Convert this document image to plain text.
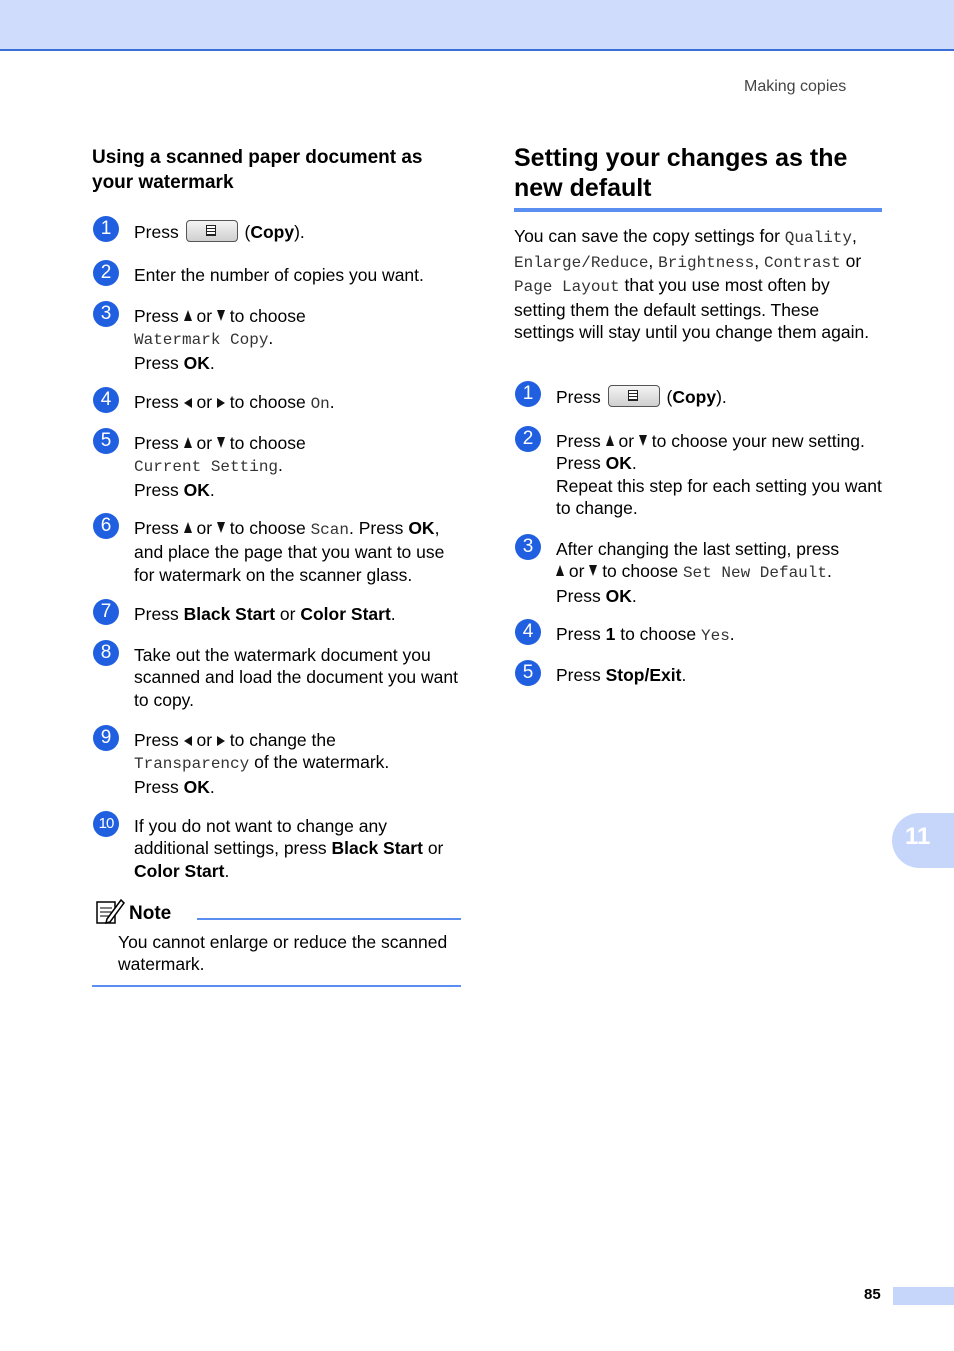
Making copies
Using a scanned paper document as your watermark
1	Press	(Copy).
2	Enter the number of copies you want.
3	Press or to choose
Watermark Copy.
Press OK.
4	Press or to choose On.
5	Press or to choose
Current Setting.
Press OK.
6	Press or to choose Scan. Press OK, and place the page that you want to use for watermark on the scanner glass.
7	Press Black Start or Color Start.
8	Take out the watermark document you scanned and load the document you want to copy.
9	Press or to change the
Transparency of the watermark.
Press OK.
10	If you do not want to change any additional settings, press Black Start or Color Start.
Note
You cannot enlarge or reduce the scanned watermark.
Setting your changes as the new default
You can save the copy settings for Quality, Enlarge/Reduce, Brightness, Contrast or Page Layout that you use most often by setting them the default settings. These settings will stay until you change them again.
1	Press	(Copy).
2	Press or to choose your new setting.
Press OK.
Repeat this step for each setting you want to change.
3	After changing the last setting, press
or to choose Set New Default.
Press OK.
4	Press 1 to choose Yes.
5	Press Stop/Exit.
11
85
